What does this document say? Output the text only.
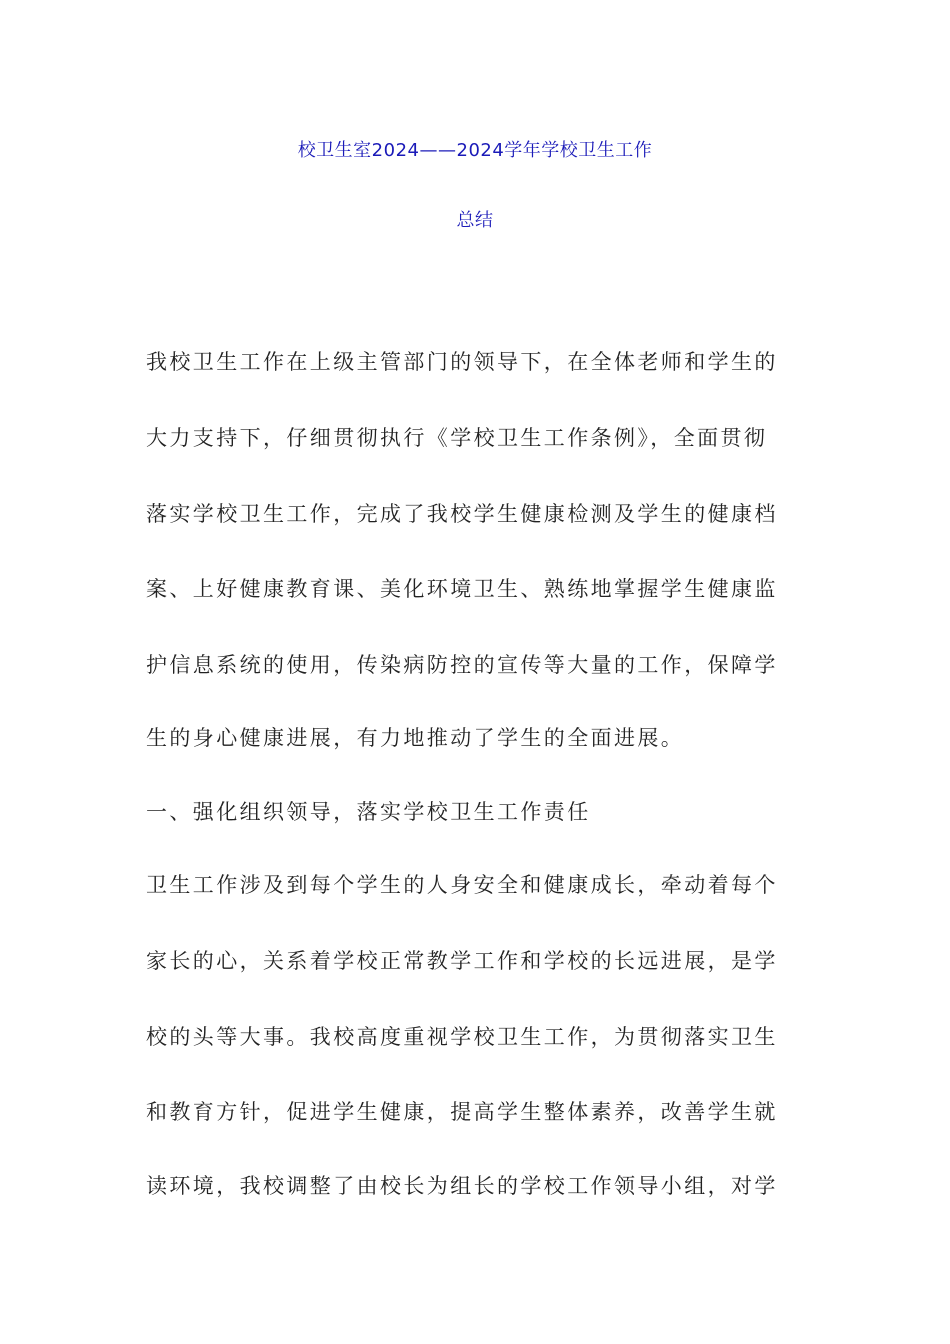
校卫生室2024——2024学年学校卫生工作
总结

我校卫生工作在上级主管部门的领导下，在全体老师和学生的

大力支持下，仔细贯彻执行《学校卫生工作条例》，全面贯彻

落实学校卫生工作，完成了我校学生健康检测及学生的健康档

案、上好健康教育课、美化环境卫生、熟练地掌握学生健康监

护信息系统的使用，传染病防控的宣传等大量的工作，保障学

生的身心健康进展，有力地推动了学生的全面进展。

一、强化组织领导，落实学校卫生工作责任

卫生工作涉及到每个学生的人身安全和健康成长，牵动着每个

家长的心，关系着学校正常教学工作和学校的长远进展，是学

校的头等大事。我校高度重视学校卫生工作，为贯彻落实卫生

和教育方针，促进学生健康，提高学生整体素养，改善学生就

读环境，我校调整了由校长为组长的学校工作领导小组，对学
